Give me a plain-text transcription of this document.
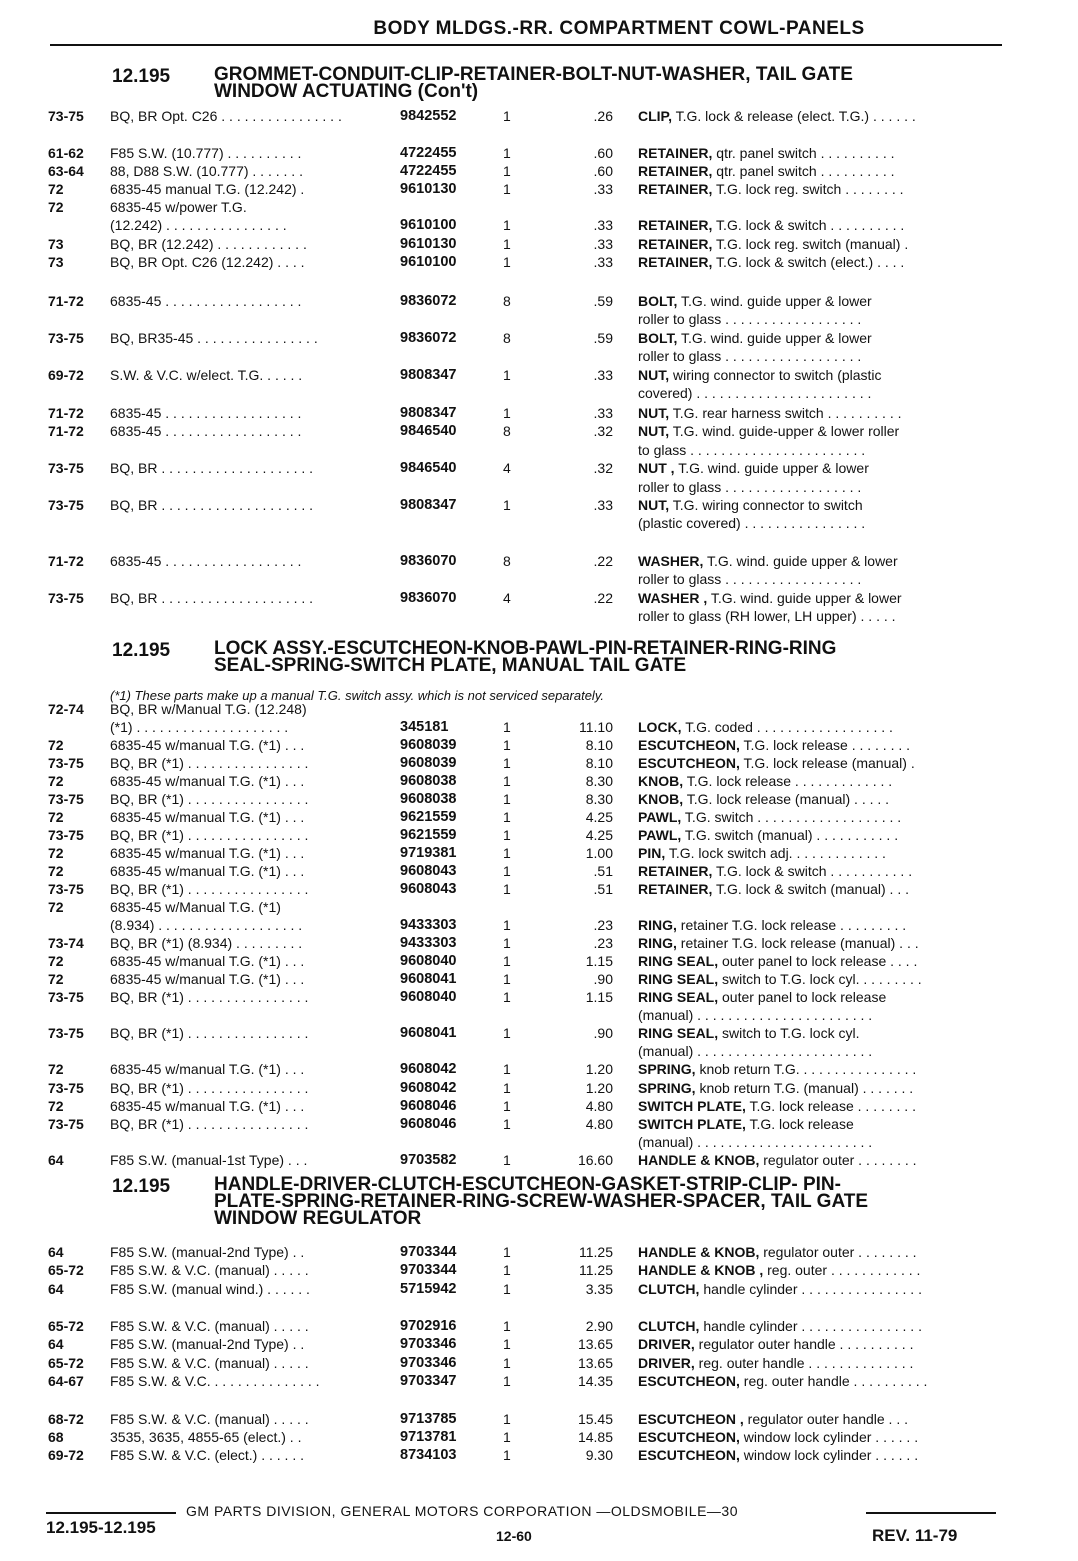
BODY MLDGS.-RR. COMPARTMENT COWL-PANELS
12.195 GROMMET-CONDUIT-CLIP-RETAINER-BOLT-NUT-WASHER, TAIL GATE
WINDOW ACTUATING (Con't)
12.195 LOCK ASSY.-ESCUTCHEON-KNOB-PAWL-PIN-RETAINER-RING-RING
SEAL-SPRING-SWITCH PLATE, MANUAL TAIL GATE
(*1) These parts make up a manual T.G. switch assy. which is not serviced separately.
12.195 HANDLE-DRIVER-CLUTCH-ESCUTCHEON-GASKET-STRIP-CLIP- PIN-
PLATE-SPRING-RETAINER-RING-SCREW-WASHER-SPACER, TAIL GATE
WINDOW REGULATOR
73-75 BQ, BR Opt. C26 . . . . . . . . . . . . . . . .	9842552	1	.26 CLIP, T.G. lock & release (elect. T.G.) . . . . . .
61-62 F85 S.W. (10.777) . . . . . . . . . .	4722455	1	.60 RETAINER, qtr. panel switch . . . . . . . . . .
63-64 88, D88 S.W. (10.777) . . . . . . .	4722455	1	.60 RETAINER, qtr. panel switch . . . . . . . . . .
72	6835-45 manual T.G. (12.242) .	9610130	1	.33 RETAINER, T.G. lock reg. switch . . . . . . . .
72	6835-45 w/power T.G.
(12.242) . . . . . . . . . . . . . . . .	9610100	1	.33 RETAINER, T.G. lock & switch . . . . . . . . . .
73	BQ, BR (12.242) . . . . . . . . . . . .	9610130	1	.33 RETAINER, T.G. lock reg. switch (manual) .
73	BQ, BR Opt. C26 (12.242) . . . .	9610100	1	.33 RETAINER, T.G. lock & switch (elect.) . . . .
71-72 6835-45 . . . . . . . . . . . . . . . . . .	9836072	8	.59 BOLT, T.G. wind. guide upper & lower
roller to glass . . . . . . . . . . . . . . . . . .
73-75 BQ, BR35-45 . . . . . . . . . . . . . . . .	9836072	8	.59 BOLT, T.G. wind. guide upper & lower
roller to glass . . . . . . . . . . . . . . . . . .
69-72 S.W. & V.C. w/elect. T.G. . . . . .	9808347	1	.33 NUT, wiring connector to switch (plastic
covered) . . . . . . . . . . . . . . . . . . . . . . .
71-72 6835-45 . . . . . . . . . . . . . . . . . .	9808347	1	.33 NUT, T.G. rear harness switch . . . . . . . . . .
71-72 6835-45 . . . . . . . . . . . . . . . . . .	9846540	8	.32 NUT, T.G. wind. guide-upper & lower roller
to glass . . . . . . . . . . . . . . . . . . . . . . .
73-75 BQ, BR . . . . . . . . . . . . . . . . . . . .	9846540	4	.32 NUT , T.G. wind. guide upper & lower
roller to glass . . . . . . . . . . . . . . . . . .
73-75 BQ, BR . . . . . . . . . . . . . . . . . . . .	9808347	1	.33 NUT, T.G. wiring connector to switch
(plastic covered) . . . . . . . . . . . . . . . .
71-72 6835-45 . . . . . . . . . . . . . . . . . .	9836070	8	.22 WASHER, T.G. wind. guide upper & lower
roller to glass . . . . . . . . . . . . . . . . . .
73-75 BQ, BR . . . . . . . . . . . . . . . . . . . .	9836070	4	.22 WASHER , T.G. wind. guide upper & lower
roller to glass (RH lower, LH upper) . . . . .
72-74 BQ, BR w/Manual T.G. (12.248)
(*1) . . . . . . . . . . . . . . . . . . . .	345181	1	11.10 LOCK, T.G. coded . . . . . . . . . . . . . . . . . .
72	6835-45 w/manual T.G. (*1) . . .	9608039	1	8.10 ESCUTCHEON, T.G. lock release . . . . . . . .
73-75 BQ, BR (*1) . . . . . . . . . . . . . . . .	9608039	1	8.10 ESCUTCHEON, T.G. lock release (manual) .
72	6835-45 w/manual T.G. (*1) . . .	9608038	1	8.30 KNOB, T.G. lock release . . . . . . . . . . . . .
73-75 BQ, BR (*1) . . . . . . . . . . . . . . . .	9608038	1	8.30 KNOB, T.G. lock release (manual) . . . . .
72	6835-45 w/manual T.G. (*1) . . .	9621559	1	4.25 PAWL, T.G. switch . . . . . . . . . . . . . . . . . . .
73-75 BQ, BR (*1) . . . . . . . . . . . . . . . .	9621559	1	4.25 PAWL, T.G. switch (manual) . . . . . . . . . . .
72	6835-45 w/manual T.G. (*1) . . .	9719381	1	1.00 PIN, T.G. lock switch adj. . . . . . . . . . . . .
72	6835-45 w/manual T.G. (*1) . . .	9608043	1	.51 RETAINER, T.G. lock & switch . . . . . . . . . . .
73-75 BQ, BR (*1) . . . . . . . . . . . . . . . .	9608043	1	.51 RETAINER, T.G. lock & switch (manual) . . .
72	6835-45 w/Manual T.G. (*1)
(8.934) . . . . . . . . . . . . . . . . . . .	9433303	1	.23 RING, retainer T.G. lock release . . . . . . . . .
73-74 BQ, BR (*1) (8.934) . . . . . . . . .	9433303	1	.23 RING, retainer T.G. lock release (manual) . . .
72	6835-45 w/manual T.G. (*1) . . .	9608040	1	1.15 RING SEAL, outer panel to lock release . . . .
72	6835-45 w/manual T.G. (*1) . . .	9608041	1	.90 RING SEAL, switch to T.G. lock cyl. . . . . . . . .
73-75 BQ, BR (*1) . . . . . . . . . . . . . . . .	9608040	1	1.15 RING SEAL, outer panel to lock release
(manual) . . . . . . . . . . . . . . . . . . . . . . .
73-75 BQ, BR (*1) . . . . . . . . . . . . . . . .	9608041	1	.90 RING SEAL, switch to T.G. lock cyl.
(manual) . . . . . . . . . . . . . . . . . . . . . . .
72	6835-45 w/manual T.G. (*1) . . .	9608042	1	1.20 SPRING, knob return T.G. . . . . . . . . . . . . . . .
73-75 BQ, BR (*1) . . . . . . . . . . . . . . . .	9608042	1	1.20 SPRING, knob return T.G. (manual) . . . . . . .
72	6835-45 w/manual T.G. (*1) . . .	9608046	1	4.80 SWITCH PLATE, T.G. lock release . . . . . . . .
73-75 BQ, BR (*1) . . . . . . . . . . . . . . . .	9608046	1	4.80 SWITCH PLATE, T.G. lock release
(manual) . . . . . . . . . . . . . . . . . . . . . . .
64	F85 S.W. (manual-1st Type) . . .	9703582	1	16.60 HANDLE & KNOB, regulator outer . . . . . . . .
64	F85 S.W. (manual-2nd Type) . .	9703344	1	11.25 HANDLE & KNOB, regulator outer . . . . . . . .
65-72 F85 S.W. & V.C. (manual) . . . . .	9703344	1	11.25 HANDLE & KNOB , reg. outer . . . . . . . . . . . .
64	F85 S.W. (manual wind.) . . . . . .	5715942	1	3.35 CLUTCH, handle cylinder . . . . . . . . . . . . . . . .
65-72 F85 S.W. & V.C. (manual) . . . . .	9702916	1	2.90 CLUTCH, handle cylinder . . . . . . . . . . . . . . . .
64	F85 S.W. (manual-2nd Type) . .	9703346	1	13.65 DRIVER, regulator outer handle . . . . . . . . . .
65-72 F85 S.W. & V.C. (manual) . . . . .	9703346	1	13.65 DRIVER, reg. outer handle . . . . . . . . . . . . . .
64-67 F85 S.W. & V.C. . . . . . . . . . . . . . .	9703347	1	14.35 ESCUTCHEON, reg. outer handle . . . . . . . . . .
68-72 F85 S.W. & V.C. (manual) . . . . .	9713785	1	15.45 ESCUTCHEON , regulator outer handle . . .
68	3535, 3635, 4855-65 (elect.) . .	9713781	1	14.85 ESCUTCHEON, window lock cylinder . . . . . .
69-72 F85 S.W. & V.C. (elect.) . . . . . .	8734103	1	9.30 ESCUTCHEON, window lock cylinder . . . . . .
GM PARTS DIVISION, GENERAL MOTORS CORPORATION —OLDSMOBILE—30
12.195-12.195	12-60	REV. 11-79
